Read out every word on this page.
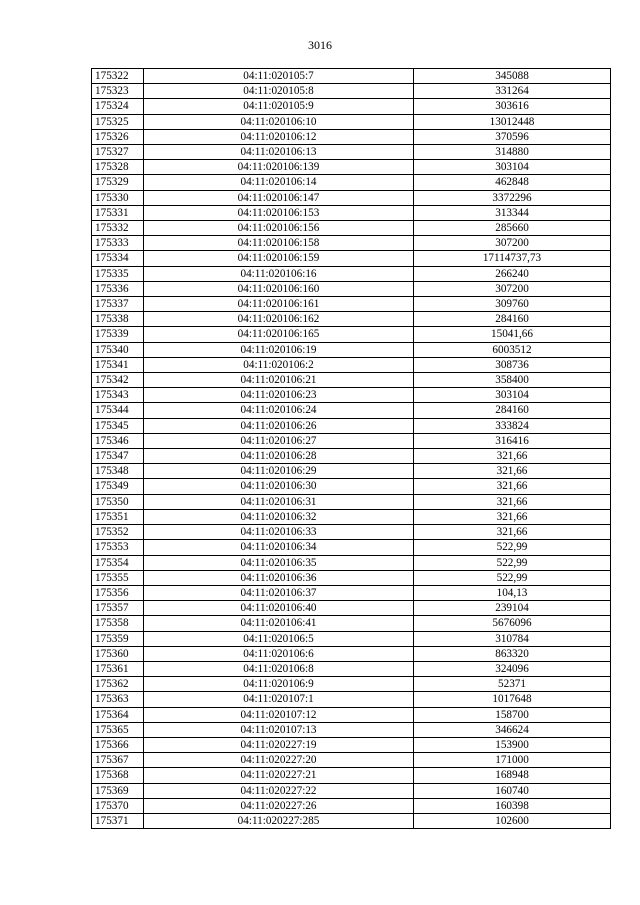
3016
175322	04:11:020105:7	345088
175323	04:11:020105:8	331264
175324	04:11:020105:9	303616
175325	04:11:020106:10	13012448
175326	04:11:020106:12	370596
175327	04:11:020106:13	314880
175328	04:11:020106:139	303104
175329	04:11:020106:14	462848
175330	04:11:020106:147	3372296
175331	04:11:020106:153	313344
175332	04:11:020106:156	285660
175333	04:11:020106:158	307200
175334	04:11:020106:159	17114737,73
175335	04:11:020106:16	266240
175336	04:11:020106:160	307200
175337	04:11:020106:161	309760
175338	04:11:020106:162	284160
175339	04:11:020106:165	15041,66
175340	04:11:020106:19	6003512
175341	04:11:020106:2	308736
175342	04:11:020106:21	358400
175343	04:11:020106:23	303104
175344	04:11:020106:24	284160
175345	04:11:020106:26	333824
175346	04:11:020106:27	316416
175347	04:11:020106:28	321,66
175348	04:11:020106:29	321,66
175349	04:11:020106:30	321,66
175350	04:11:020106:31	321,66
175351	04:11:020106:32	321,66
175352	04:11:020106:33	321,66
175353	04:11:020106:34	522,99
175354	04:11:020106:35	522,99
175355	04:11:020106:36	522,99
175356	04:11:020106:37	104,13
175357	04:11:020106:40	239104
175358	04:11:020106:41	5676096
175359	04:11:020106:5	310784
175360	04:11:020106:6	863320
175361	04:11:020106:8	324096
175362	04:11:020106:9	52371
175363	04:11:020107:1	1017648
175364	04:11:020107:12	158700
175365	04:11:020107:13	346624
175366	04:11:020227:19	153900
175367	04:11:020227:20	171000
175368	04:11:020227:21	168948
175369	04:11:020227:22	160740
175370	04:11:020227:26	160398
175371	04:11:020227:285	102600
